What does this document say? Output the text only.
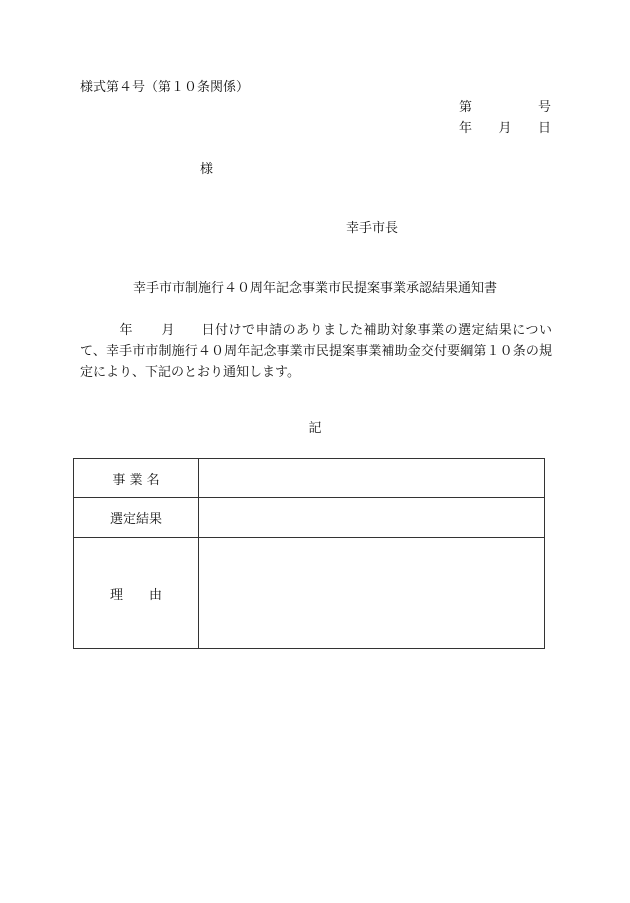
様式第４号（第１０条関係）
第	号
年 月 日
様
幸手市長
幸手市市制施行４０周年記念事業市民提案事業承認結果通知書
年 月 日付けで申請のありました補助対象事業の選定結果について、幸手市市制施行４０周年記念事業市民提案事業補助金交付要綱第１０条の規定により、下記のとおり通知します。
記
事 業 名	
選定結果	

理 由	
